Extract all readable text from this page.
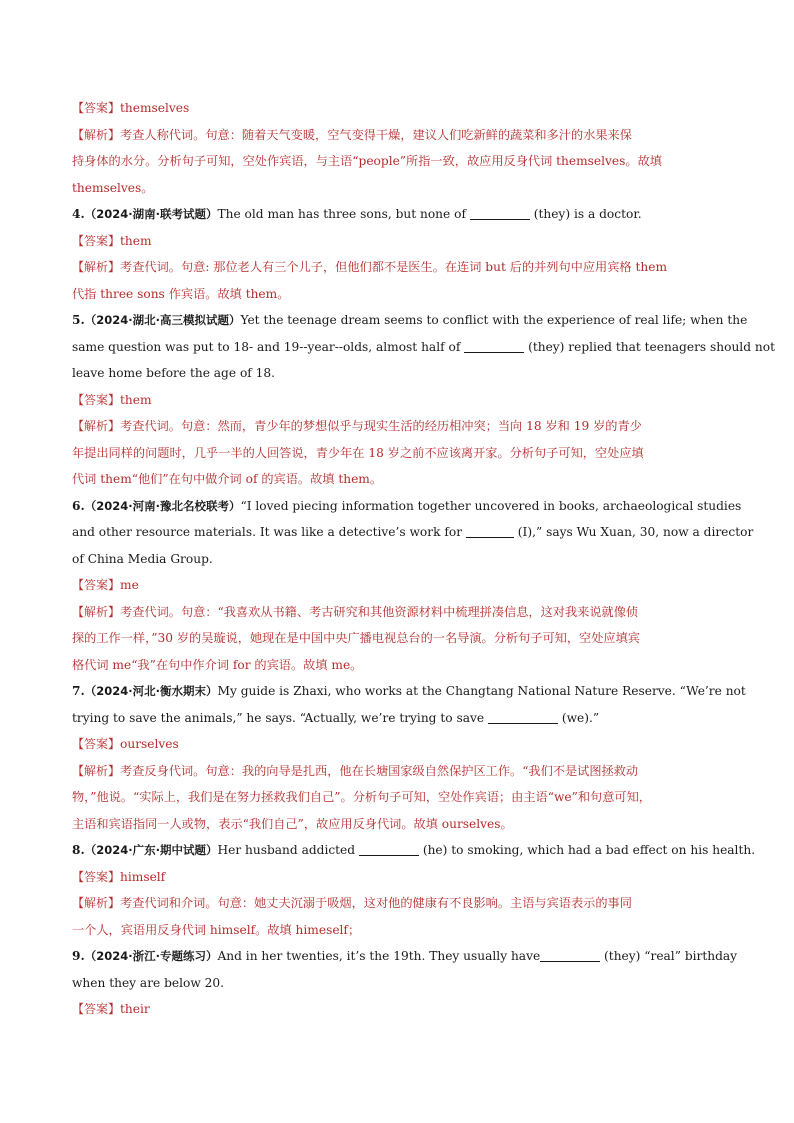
【答案】themselves
【解析】考查人称代词。句意：随着天气变暖，空气变得干燥，建议人们吃新鲜的蔬菜和多汁的水果来保
持身体的水分。分析句子可知，空处作宾语，与主语“people”所指一致，故应用反身代词 themselves。故填
themselves。
4.（2024·湖南·联考试题）The old man has three sons, but none of	(they) is a doctor.
【答案】them
【解析】考查代词。句意: 那位老人有三个儿子，但他们都不是医生。在连词 but 后的并列句中应用宾格 them
代指 three sons 作宾语。故填 them。
5.（2024·湖北·高三模拟试题）Yet the teenage dream seems to conflict with the experience of real life; when the
same question was put to 18- and 19--year--olds, almost half of	(they) replied that teenagers should not
leave home before the age of 18.
【答案】them
【解析】考查代词。句意：然而，青少年的梦想似乎与现实生活的经历相冲突；当向 18 岁和 19 岁的青少
年提出同样的问题时，几乎一半的人回答说，青少年在 18 岁之前不应该离开家。分析句子可知，空处应填
代词 them“他们”在句中做介词 of 的宾语。故填 them。
6.（2024·河南·豫北名校联考）“I loved piecing information together uncovered in books, archaeological studies
and other resource materials. It was like a detective’s work for	(I),” says Wu Xuan, 30, now a director
of China Media Group.
【答案】me
【解析】考查代词。句意：“我喜欢从书籍、考古研究和其他资源材料中梳理拼凑信息，这对我来说就像侦
探的工作一样，”30 岁的吴璇说，她现在是中国中央广播电视总台的一名导演。分析句子可知，空处应填宾
格代词 me“我”在句中作介词 for 的宾语。故填 me。
7.（2024·河北·衡水期末）My guide is Zhaxi, who works at the Changtang National Nature Reserve. “We’re not
trying to save the animals,” he says. “Actually, we’re trying to save	(we).”
【答案】ourselves
【解析】考查反身代词。句意：我的向导是扎西，他在长塘国家级自然保护区工作。“我们不是试图拯救动
物，”他说。“实际上，我们是在努力拯救我们自己”。分析句子可知，空处作宾语；由主语“we”和句意可知，
主语和宾语指同一人或物，表示“我们自己”，故应用反身代词。故填 ourselves。
8.（2024·广东·期中试题）Her husband addicted	(he) to smoking, which had a bad effect on his health.
【答案】himself
【解析】考查代词和介词。句意：她丈夫沉溺于吸烟，这对他的健康有不良影响。主语与宾语表示的事同
一个人，宾语用反身代词 himself。故填 himeself；
9.（2024·浙江·专题练习）And in her twenties, it’s the 19th. They usually have	(they) “real” birthday
when they are below 20.
【答案】their
